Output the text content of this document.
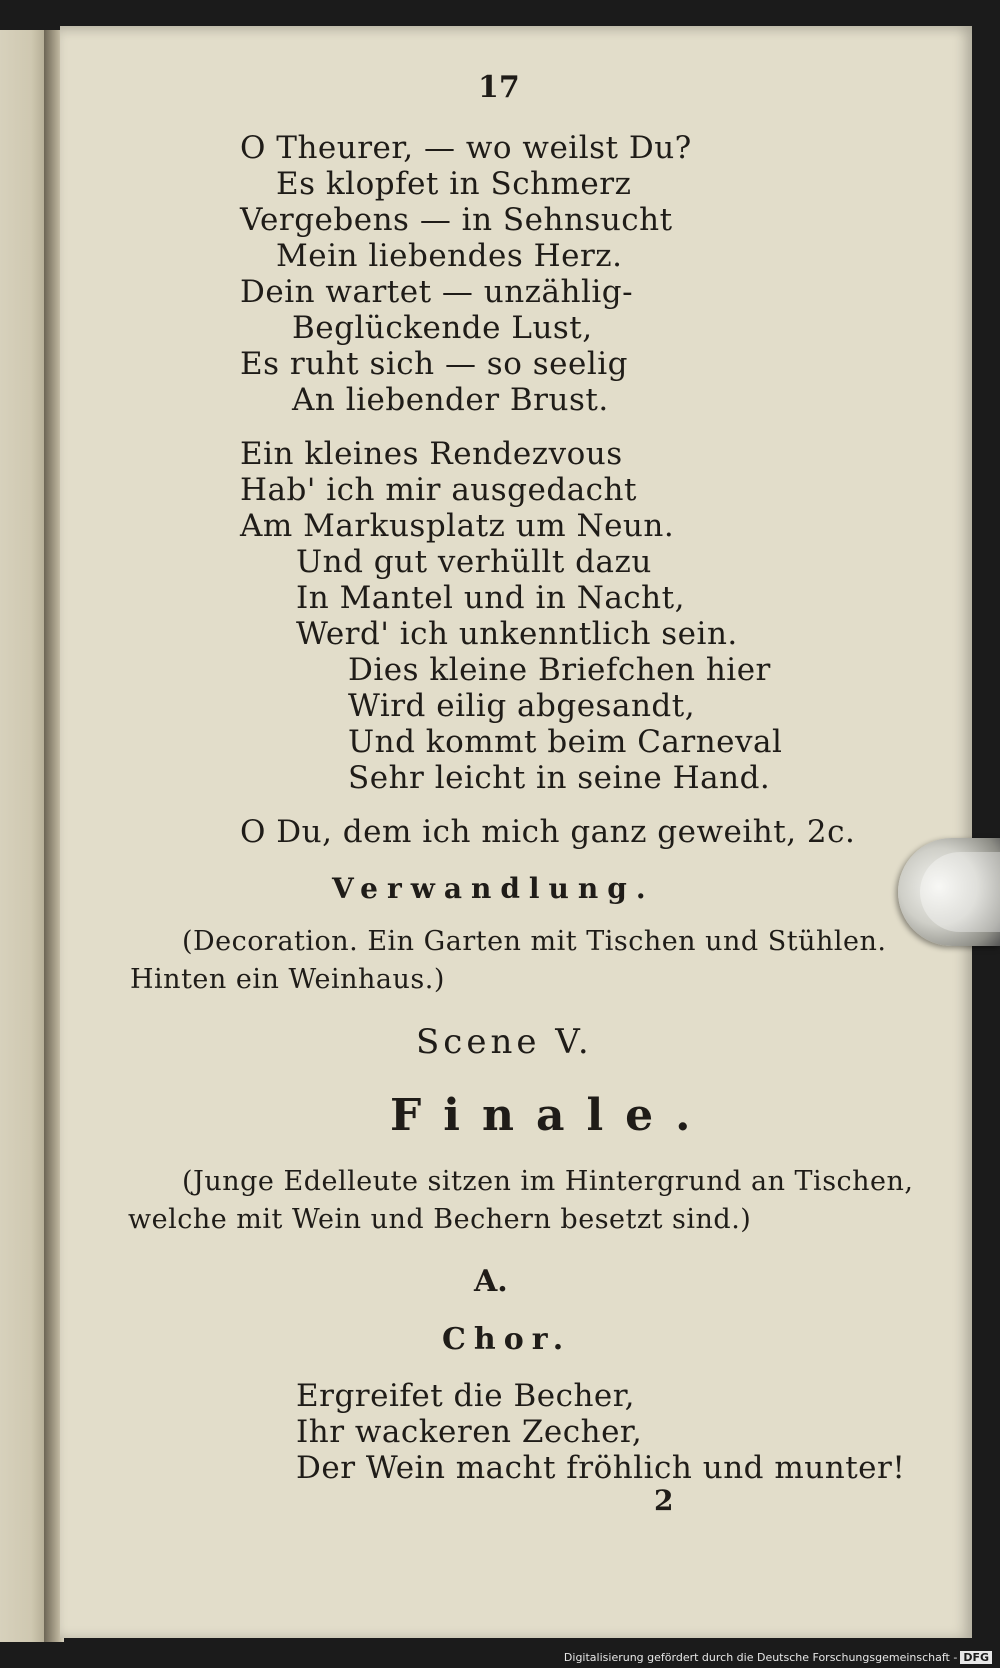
17
O Theurer, — wo weilst Du?
Es klopfet in Schmerz
Vergebens — in Sehnsucht
Mein liebendes Herz.
Dein wartet — unzählig-
Beglückende Lust,
Es ruht sich — so seelig
An liebender Brust.
Ein kleines Rendezvous
Hab' ich mir ausgedacht
Am Markusplatz um Neun.
Und gut verhüllt dazu
In Mantel und in Nacht,
Werd' ich unkenntlich sein.
Dies kleine Briefchen hier
Wird eilig abgesandt,
Und kommt beim Carneval
Sehr leicht in seine Hand.
O Du, dem ich mich ganz geweiht, 2c.
Verwandlung.
(Decoration. Ein Garten mit Tischen und Stühlen.
Hinten ein Weinhaus.)
Scene V.
Finale.
(Junge Edelleute sitzen im Hintergrund an Tischen,
welche mit Wein und Bechern besetzt sind.)
A.
Chor.
Ergreifet die Becher,
Ihr wackeren Zecher,
Der Wein macht fröhlich und munter!
2
Digitalisierung gefördert durch die Deutsche Forschungsgemeinschaft - DFG
